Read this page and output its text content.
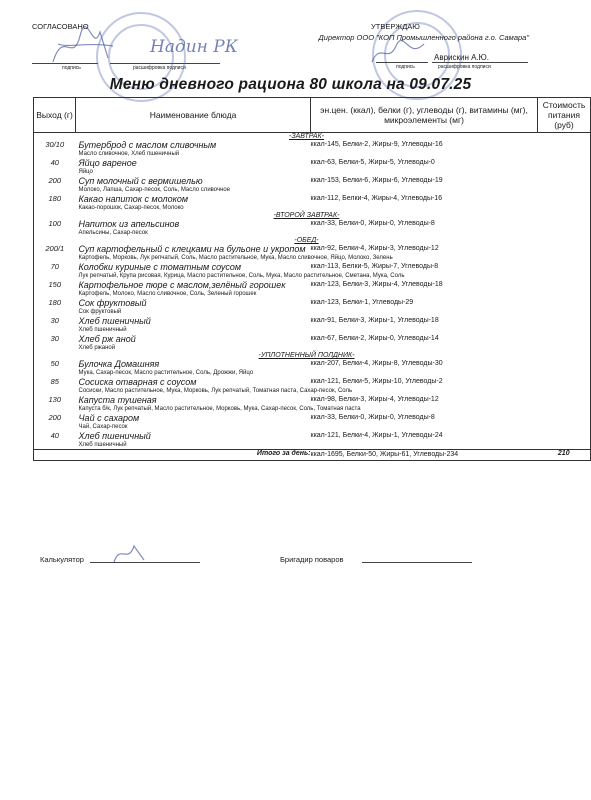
СОГЛАСОВАНО
подпись	расшифровка подписи
Надин РК
УТВЕРЖДАЮ
Директор ООО "КОП Промышленного района г.о. Самара"
подпись
Аврискин А.Ю.
расшифровка подписи
Меню дневного рациона 80 школа на 09.07.25
Выход (г)	Наименование блюда	эн.цен. (ккал), белки (г), углеводы (г), витамины (мг), микроэлементы (мг)	Стоимость питания (руб)
	-ЗАВТРАК-		

30/10	Бутерброд с маслом сливочным
Масло сливочное, Хлеб пшеничный	ккал-145, Белки-2, Жиры-9, Углеводы-16	

40	Яйцо вареное
Яйцо	ккал-63, Белки-5, Жиры-5, Углеводы-0	

200	Суп молочный с вермишелью
Молоко, Лапша, Сахар-песок, Соль, Масло сливочное	ккал-153, Белки-6, Жиры-6, Углеводы-19	

180	Какао напиток с молоком
Какао-порошок, Сахар-песок, Молоко	ккал-112, Белки-4, Жиры-4, Углеводы-16	

	-ВТОРОЙ ЗАВТРАК-		

100	Напиток из апельсинов
Апельсины, Сахар-песок	ккал-33, Белки-0, Жиры-0, Углеводы-8	

	-ОБЕД-		

200/1	Суп картофельный с клецками на бульоне и укропом
Картофель, Морковь, Лук репчатый, Соль, Масло растительное, Мука, Масло сливочное, Яйцо, Молоко, Зелень	ккал-92, Белки-4, Жиры-3, Углеводы-12	

70	Колобки куриные с томатным соусом
Лук репчатый, Крупа рисовая, Курица, Масло растительное, Соль, Мука, Масло растительное, Сметана, Мука, Соль	ккал-113, Белки-5, Жиры-7, Углеводы-8	

150	Картофельное пюре с маслом,зелёный горошек
Картофель, Молоко, Масло сливочное, Соль, Зеленый горошек	ккал-123, Белки-3, Жиры-4, Углеводы-18	

180	Сок фруктовый
Сок фруктовый	ккал-123, Белки-1, Углеводы-29	

30	Хлеб пшеничный
Хлеб пшеничный	ккал-91, Белки-3, Жиры-1, Углеводы-18	

30	Хлеб рж аной
Хлеб ржаной	ккал-67, Белки-2, Жиры-0, Углеводы-14	

	-УПЛОТНЕННЫЙ ПОЛДНИК-		

50	Булочка Домашняя
Мука, Сахар-песок, Масло растительное, Соль, Дрожжи, Яйцо	ккал-207, Белки-4, Жиры-8, Углеводы-30	

85	Сосиска отварная с соусом
Сосиски, Масло растительное, Мука, Морковь, Лук репчатый, Томатная паста, Сахар-песок, Соль	ккал-121, Белки-5, Жиры-10, Углеводы-2	

130	Капуста тушеная
Капуста б/к, Лук репчатый, Масло растительное, Морковь, Мука, Сахар-песок, Соль, Томатная паста	ккал-98, Белки-3, Жиры-4, Углеводы-12	

200	Чай с сахаром
Чай, Сахар-песок	ккал-33, Белки-0, Жиры-0, Углеводы-8	

40	Хлеб пшеничный
Хлеб пшеничный	ккал-121, Белки-4, Жиры-1, Углеводы-24	

	Итого за день:	ккал-1695, Белки-50, Жиры-61, Углеводы-234	210
Калькулятор	Бригадир поваров
